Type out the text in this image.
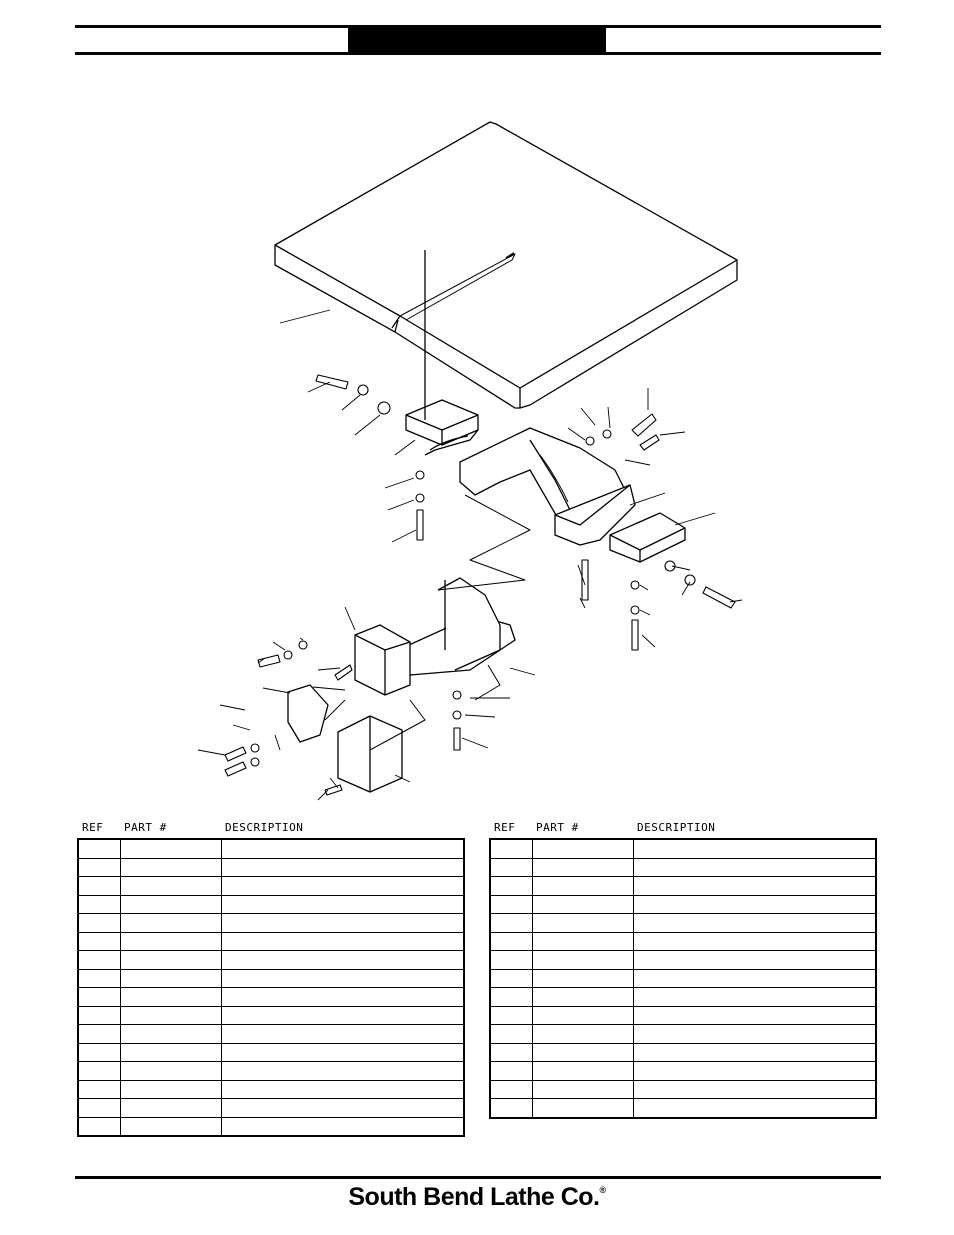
REF PART #	DESCRIPTION

			REF PART #	DESCRIPTION

South Bend Lathe Co.®
